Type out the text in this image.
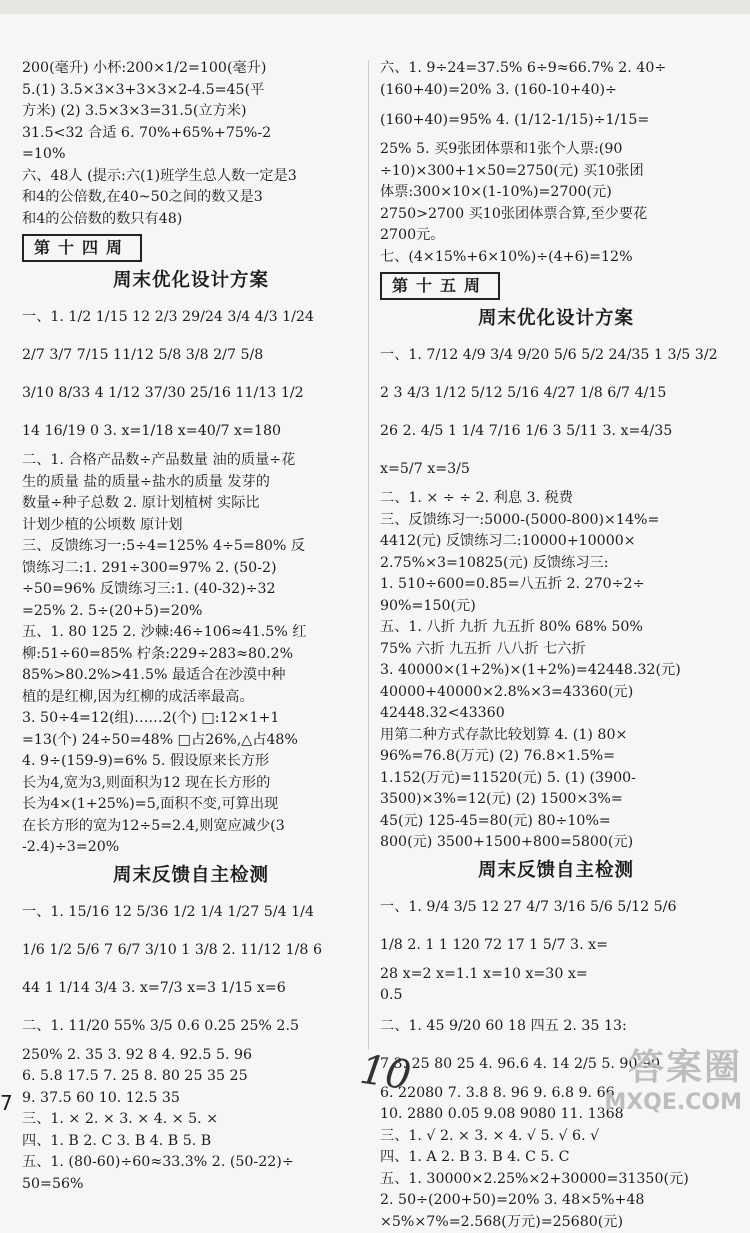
200(毫升) 小杯:200×1/2=100(毫升)
5.(1) 3.5×3×3+3×3×2-4.5=45(平
方米) (2) 3.5×3×3=31.5(立方米)
31.5<32 合适 6. 70%+65%+75%-2
=10%
六、48人 (提示:六(1)班学生总人数一定是3
和4的公倍数,在40~50之间的数又是3
和4的公倍数的数只有48)
第十四周
周末优化设计方案
一、1. 1/2 1/15 12 2/3 29/24 3/4 4/3 1/24
2/7 3/7 7/15 11/12 5/8 3/8 2/7 5/8
3/10 8/33 4 1/12 37/30 25/16 11/13 1/2
14 16/19 0 3. x=1/18 x=40/7 x=180
二、1. 合格产品数÷产品数量 油的质量÷花
生的质量 盐的质量÷盐水的质量 发芽的
数量÷种子总数 2. 原计划植树 实际比
计划少植的公顷数 原计划
三、反馈练习一:5÷4=125% 4÷5=80% 反
馈练习二:1. 291÷300=97% 2. (50-2)
÷50=96% 反馈练习三:1. (40-32)÷32
=25% 2. 5÷(20+5)=20%
五、1. 80 125 2. 沙棘:46÷106≈41.5% 红
柳:51÷60=85% 柠条:229÷283≈80.2%
85%>80.2%>41.5% 最适合在沙漠中种
植的是红柳,因为红柳的成活率最高。
3. 50÷4=12(组)……2(个) □:12×1+1
=13(个) 24÷50=48% □占26%,△占48%
4. 9÷(159-9)=6% 5. 假设原来长方形
长为4,宽为3,则面积为12 现在长方形的
长为4×(1+25%)=5,面积不变,可算出现
在长方形的宽为12÷5=2.4,则宽应减少(3
-2.4)÷3=20%
周末反馈自主检测
一、1. 15/16 12 5/36 1/2 1/4 1/27 5/4 1/4
1/6 1/2 5/6 7 6/7 3/10 1 3/8 2. 11/12 1/8 6
44 1 1/14 3/4 3. x=7/3 x=3 1/15 x=6
二、1. 11/20 55% 3/5 0.6 0.25 25% 2.5
250% 2. 35 3. 92 8 4. 92.5 5. 96
6. 5.8 17.5 7. 25 8. 80 25 35 25
9. 37.5 60 10. 12.5 35
三、1. × 2. × 3. × 4. × 5. ×
四、1. B 2. C 3. B 4. B 5. B
五、1. (80-60)÷60≈33.3% 2. (50-22)÷
50=56%
六、1. 9÷24=37.5% 6÷9≈66.7% 2. 40÷
(160+40)=20% 3. (160-10+40)÷
(160+40)=95% 4. (1/12-1/15)÷1/15=
25% 5. 买9张团体票和1张个人票:(90
÷10)×300+1×50=2750(元) 买10张团
体票:300×10×(1-10%)=2700(元)
2750>2700 买10张团体票合算,至少要花
2700元。
七、(4×15%+6×10%)÷(4+6)=12%
第十五周
周末优化设计方案
一、1. 7/12 4/9 3/4 9/20 5/6 5/2 24/35 1 3/5 3/2
2 3 4/3 1/12 5/12 5/16 4/27 1/8 6/7 4/15
26 2. 4/5 1 1/4 7/16 1/6 3 5/11 3. x=4/35
x=5/7 x=3/5
二、1. × ÷ ÷ 2. 利息 3. 税费
三、反馈练习一:5000-(5000-800)×14%=
4412(元) 反馈练习二:10000+10000×
2.75%×3=10825(元) 反馈练习三:
1. 510÷600=0.85=八五折 2. 270÷2÷
90%=150(元)
五、1. 八折 九折 九五折 80% 68% 50%
75% 六折 九五折 八八折 七六折
3. 40000×(1+2%)×(1+2%)=42448.32(元)
40000+40000×2.8%×3=43360(元)
42448.32<43360
用第二种方式存款比较划算 4. (1) 80×
96%=76.8(万元) (2) 76.8×1.5%=
1.152(万元)=11520(元) 5. (1) (3900-
3500)×3%=12(元) (2) 1500×3%=
45(元) 125-45=80(元) 80÷10%=
800(元) 3500+1500+800=5800(元)
周末反馈自主检测
一、1. 9/4 3/5 12 27 4/7 3/16 5/6 5/12 5/6
1/8 2. 1 1 120 72 17 1 5/7 3. x=
28 x=2 x=1.1 x=10 x=30 x=
0.5
二、1. 45 9/20 60 18 四五 2. 35 13:
7 3. 25 80 25 4. 96.6 4. 14 2/5 5. 90 90
6. 22080 7. 3.8 8. 96 9. 6.8 9. 66
10. 2880 0.05 9.08 9080 11. 1368
三、1. √ 2. × 3. × 4. √ 5. √ 6. √
四、1. A 2. B 3. B 4. C 5. C
五、1. 30000×2.25%×2+30000=31350(元)
2. 50÷(200+50)=20% 3. 48×5%+48
×5%×7%=2.568(万元)=25680(元)
7
10	答案圈
MXQE.COM
